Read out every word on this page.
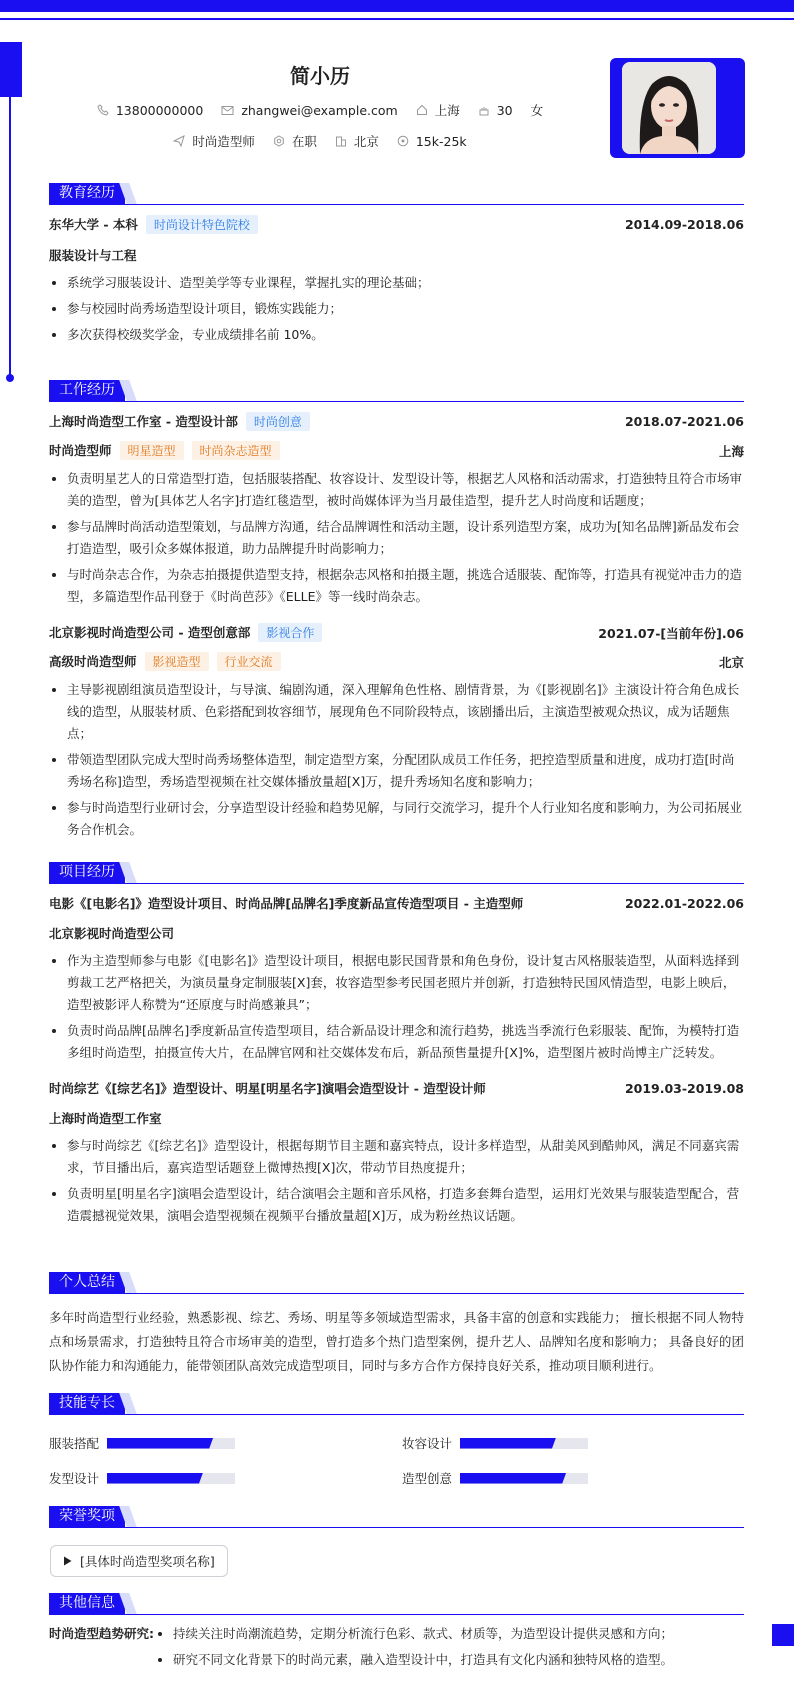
简小历
13800000000	zhangwei@example.com	上海	30 女
时尚造型师	在职	北京	15k-25k
教育经历
东华大学 - 本科 时尚设计特色院校	2014.09-2018.06
服装设计与工程
系统学习服装设计、造型美学等专业课程，掌握扎实的理论基础；
参与校园时尚秀场造型设计项目，锻炼实践能力；
多次获得校级奖学金，专业成绩排名前 10%。
工作经历
上海时尚造型工作室 - 造型设计部 时尚创意	2018.07-2021.06
时尚造型师 明星造型 时尚杂志造型	上海
负责明星艺人的日常造型打造，包括服装搭配、妆容设计、发型设计等，根据艺人风格和活动需求，打造独特且符合市场审美的造型，曾为[具体艺人名字]打造红毯造型，被时尚媒体评为当月最佳造型，提升艺人时尚度和话题度；
参与品牌时尚活动造型策划，与品牌方沟通，结合品牌调性和活动主题，设计系列造型方案，成功为[知名品牌]新品发布会打造造型，吸引众多媒体报道，助力品牌提升时尚影响力；
与时尚杂志合作，为杂志拍摄提供造型支持，根据杂志风格和拍摄主题，挑选合适服装、配饰等，打造具有视觉冲击力的造型，多篇造型作品刊登于《时尚芭莎》《ELLE》等一线时尚杂志。
北京影视时尚造型公司 - 造型创意部 影视合作	2021.07-[当前年份].06
高级时尚造型师 影视造型 行业交流	北京
主导影视剧组演员造型设计，与导演、编剧沟通，深入理解角色性格、剧情背景，为《[影视剧名]》主演设计符合角色成长线的造型，从服装材质、色彩搭配到妆容细节，展现角色不同阶段特点，该剧播出后，主演造型被观众热议，成为话题焦点；
带领造型团队完成大型时尚秀场整体造型，制定造型方案，分配团队成员工作任务，把控造型质量和进度，成功打造[时尚秀场名称]造型，秀场造型视频在社交媒体播放量超[X]万，提升秀场知名度和影响力；
参与时尚造型行业研讨会，分享造型设计经验和趋势见解，与同行交流学习，提升个人行业知名度和影响力，为公司拓展业务合作机会。
项目经历
电影《[电影名]》造型设计项目、时尚品牌[品牌名]季度新品宣传造型项目 - 主造型师	2022.01-2022.06
北京影视时尚造型公司
作为主造型师参与电影《[电影名]》造型设计项目，根据电影民国背景和角色身份，设计复古风格服装造型，从面料选择到剪裁工艺严格把关，为演员量身定制服装[X]套，妆容造型参考民国老照片并创新，打造独特民国风情造型，电影上映后，造型被影评人称赞为“还原度与时尚感兼具”；
负责时尚品牌[品牌名]季度新品宣传造型项目，结合新品设计理念和流行趋势，挑选当季流行色彩服装、配饰，为模特打造多组时尚造型，拍摄宣传大片，在品牌官网和社交媒体发布后，新品预售量提升[X]%，造型图片被时尚博主广泛转发。
时尚综艺《[综艺名]》造型设计、明星[明星名字]演唱会造型设计 - 造型设计师	2019.03-2019.08
上海时尚造型工作室
参与时尚综艺《[综艺名]》造型设计，根据每期节目主题和嘉宾特点，设计多样造型，从甜美风到酷帅风，满足不同嘉宾需求，节目播出后，嘉宾造型话题登上微博热搜[X]次，带动节目热度提升；
负责明星[明星名字]演唱会造型设计，结合演唱会主题和音乐风格，打造多套舞台造型，运用灯光效果与服装造型配合，营造震撼视觉效果，演唱会造型视频在视频平台播放量超[X]万，成为粉丝热议话题。
个人总结
多年时尚造型行业经验，熟悉影视、综艺、秀场、明星等多领域造型需求，具备丰富的创意和实践能力； 擅长根据不同人物特点和场景需求，打造独特且符合市场审美的造型，曾打造多个热门造型案例，提升艺人、品牌知名度和影响力； 具备良好的团队协作能力和沟通能力，能带领团队高效完成造型项目，同时与多方合作方保持良好关系，推动项目顺利进行。
技能专长
服装搭配	妆容设计
发型设计	造型创意
荣誉奖项
[具体时尚造型奖项名称]
其他信息
时尚造型趋势研究:	持续关注时尚潮流趋势，定期分析流行色彩、款式、材质等，为造型设计提供灵感和方向；
研究不同文化背景下的时尚元素，融入造型设计中，打造具有文化内涵和独特风格的造型。
